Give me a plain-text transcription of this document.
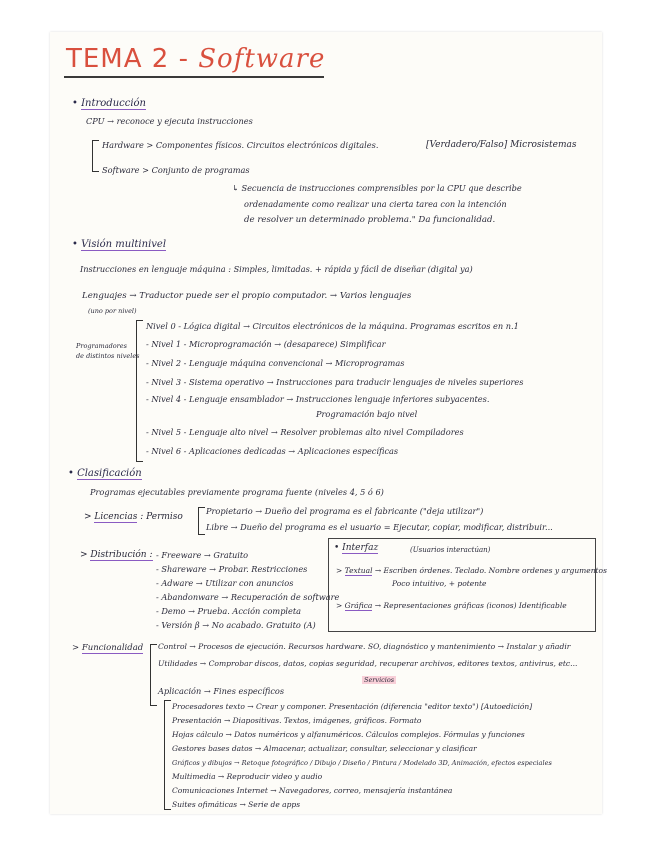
TEMA 2 - Software
• Introducción
CPU → reconoce y ejecuta instrucciones
Hardware > Componentes físicos. Circuitos electrónicos digitales.	[Verdadero/Falso] Microsistemas
Software > Conjunto de programas
↳ Secuencia de instrucciones comprensibles por la CPU que describe
ordenadamente como realizar una cierta tarea con la intención
de resolver un determinado problema." Da funcionalidad.
• Visión multinivel
Instrucciones en lenguaje máquina : Simples, limitadas. + rápida y fácil de diseñar (digital ya)
Lenguajes → Traductor puede ser el propio computador. → Varios lenguajes
(uno por nivel)
Programadores
de distintos niveles
Nivel 0 - Lógica digital → Circuitos electrónicos de la máquina. Programas escritos en n.1
- Nivel 1 - Microprogramación → (desaparece) Simplificar
- Nivel 2 - Lenguaje máquina convencional → Microprogramas
- Nivel 3 - Sistema operativo → Instrucciones para traducir lenguajes de niveles superiores
- Nivel 4 - Lenguaje ensamblador → Instrucciones lenguaje inferiores subyacentes.
Programación bajo nivel
- Nivel 5 - Lenguaje alto nivel → Resolver problemas alto nivel Compiladores
- Nivel 6 - Aplicaciones dedicadas → Aplicaciones específicas
• Clasificación
Programas ejecutables previamente programa fuente (niveles 4, 5 ó 6)
> Licencias : Permiso
Propietario → Dueño del programa es el fabricante ("deja utilizar")
Libre → Dueño del programa es el usuario = Ejecutar, copiar, modificar, distribuir...
> Distribución : - Freeware → Gratuito
- Shareware → Probar. Restricciones
- Adware → Utilizar con anuncios
- Abandonware → Recuperación de software
- Demo → Prueba. Acción completa
- Versión β → No acabado. Gratuito (A)
• Interfaz	(Usuarios interactúan)
> Textual → Escriben órdenes. Teclado. Nombre ordenes y argumentos
Poco intuitivo, + potente
> Gráfica → Representaciones gráficas (iconos) Identificable
> Funcionalidad Control → Procesos de ejecución. Recursos hardware. SO, diagnóstico y mantenimiento → Instalar y añadir
Utilidades → Comprobar discos, datos, copias seguridad, recuperar archivos, editores textos, antivirus, etc...
Servicios
Aplicación → Fines específicos
Procesadores texto → Crear y componer. Presentación (diferencia "editor texto") [Autoedición]
Presentación → Diapositivas. Textos, imágenes, gráficos. Formato
Hojas cálculo → Datos numéricos y alfanuméricos. Cálculos complejos. Fórmulas y funciones
Gestores bases datos → Almacenar, actualizar, consultar, seleccionar y clasificar
Gráficos y dibujos → Retoque fotográfico / Dibujo / Diseño / Pintura / Modelado 3D, Animación, efectos especiales
Multimedia → Reproducir video y audio
Comunicaciones Internet → Navegadores, correo, mensajería instantánea
Suites ofimáticas → Serie de apps
